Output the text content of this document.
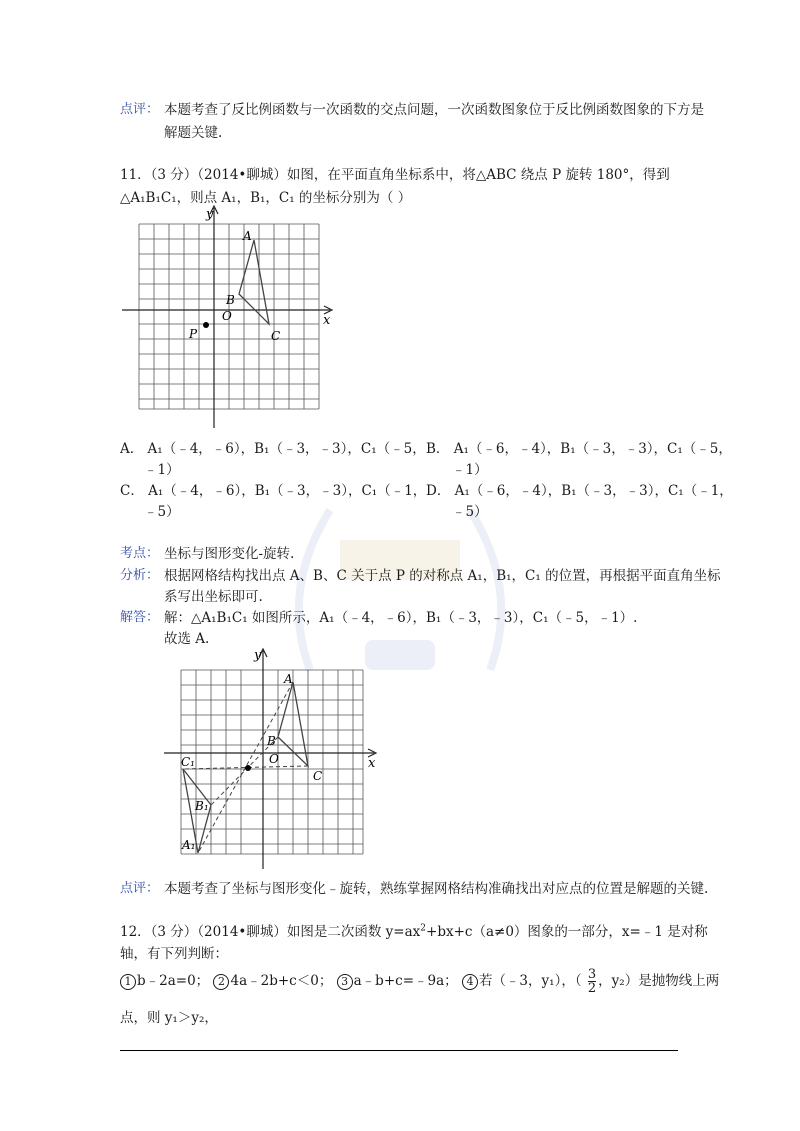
点评： 本题考查了反比例函数与一次函数的交点问题，一次函数图象位于反比例函数图象的下方是
解题关键.
11．（3 分）（2014•聊城）如图，在平面直角坐标系中，将△ABC 绕点 P 旋转 180°，得到
△A₁B₁C₁，则点 A₁，B₁，C₁ 的坐标分别为（ ）
y
x
A
B
O
C
P
A． A₁（﹣4，﹣6），B₁（﹣3，﹣3），C₁（﹣5，
﹣1）
B． A₁（﹣6，﹣4），B₁（﹣3，﹣3），C₁（﹣5，
﹣1）
C． A₁（﹣4，﹣6），B₁（﹣3，﹣3），C₁（﹣1，
﹣5）
D． A₁（﹣6，﹣4），B₁（﹣3，﹣3），C₁（﹣1，
﹣5）
考点： 坐标与图形变化-旋转.
分析： 根据网格结构找出点 A、B、C 关于点 P 的对称点 A₁，B₁，C₁ 的位置，再根据平面直角坐标
系写出坐标即可.
解答： 解：△A₁B₁C₁ 如图所示，A₁（﹣4，﹣6），B₁（﹣3，﹣3），C₁（﹣5，﹣1）.
故选 A.
y
x
A
B
O
C
C₁
B₁
A₁
点评： 本题考查了坐标与图形变化﹣旋转，熟练掌握网格结构准确找出对应点的位置是解题的关键.
12．（3 分）（2014•聊城）如图是二次函数 $y=ax^2+bx+c(a\ne 0)$图象的一部分，x=﹣1 是对称
轴，有下列判断：
1 b﹣2a=0； 2 4a﹣2b+c＜0； 3 a﹣b+c=﹣9a； 4 若（﹣3，y₁），（ $\frac{3}{2}$ ，y₂）是抛物线上两
点，则 y₁＞y₂，
